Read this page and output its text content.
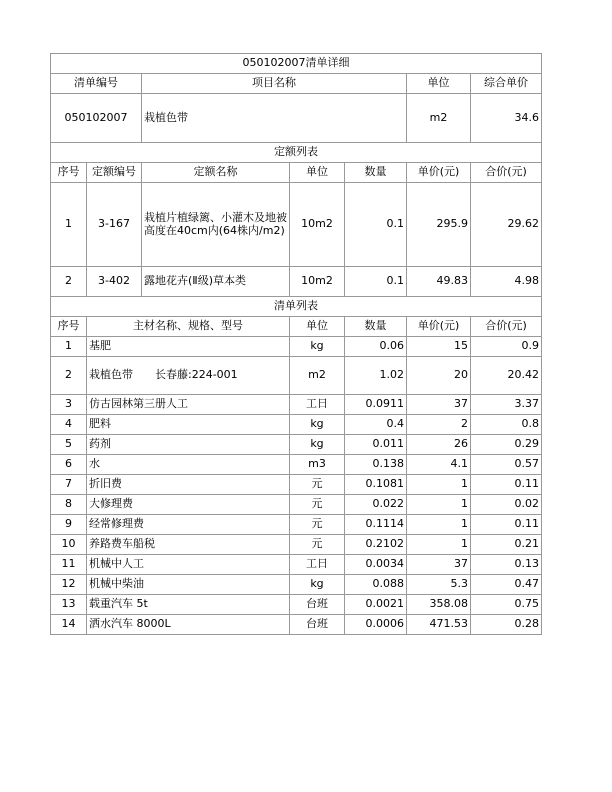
050102007清单详细						
清单编号		项目名称			单位	综合单价
050102007		栽植色带			m2	34.6
定额列表						
序号	定额编号	定额名称	单位	数量	单价(元)	合价(元)
1	3-167	栽植片植绿篱、小灌木及地被高度在40cm内(64株内/m2)	10m2	0.1	295.9	29.62
2	3-402	露地花卉(Ⅱ级)草本类	10m2	0.1	49.83	4.98
清单列表						
序号	主材名称、规格、型号		单位	数量	单价(元)	合价(元)
1	基肥		kg	0.06	15	0.9
2	栽植色带　　长春藤:224-001		m2	1.02	20	20.42
3	仿古园林第三册人工		工日	0.0911	37	3.37
4	肥料		kg	0.4	2	0.8
5	药剂		kg	0.011	26	0.29
6	水		m3	0.138	4.1	0.57
7	折旧费		元	0.1081	1	0.11
8	大修理费		元	0.022	1	0.02
9	经常修理费		元	0.1114	1	0.11
10	养路费车船税		元	0.2102	1	0.21
11	机械中人工		工日	0.0034	37	0.13
12	机械中柴油		kg	0.088	5.3	0.47
13	载重汽车 5t		台班	0.0021	358.08	0.75
14	洒水汽车 8000L		台班	0.0006	471.53	0.28
